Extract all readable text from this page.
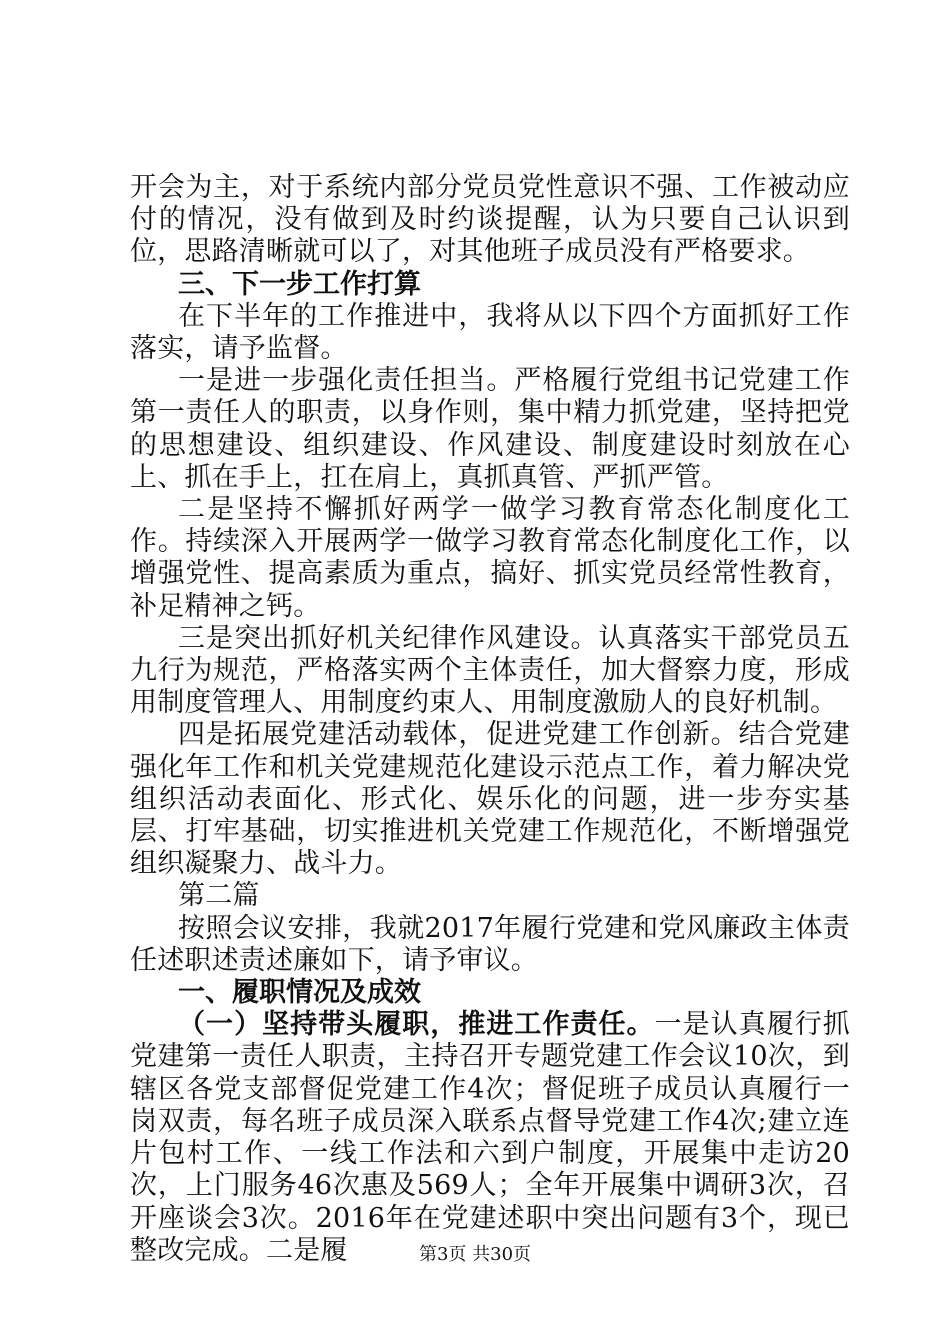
开会为主，对于系统内部分党员党性意识不强、工作被动应付的情况，没有做到及时约谈提醒，认为只要自己认识到位，思路清晰就可以了，对其他班子成员没有严格要求。

三、下一步工作打算

在下半年的工作推进中，我将从以下四个方面抓好工作落实，请予监督。

一是进一步强化责任担当。严格履行党组书记党建工作第一责任人的职责，以身作则，集中精力抓党建，坚持把党的思想建设、组织建设、作风建设、制度建设时刻放在心上、抓在手上，扛在肩上，真抓真管、严抓严管。

二是坚持不懈抓好两学一做学习教育常态化制度化工作。持续深入开展两学一做学习教育常态化制度化工作，以增强党性、提高素质为重点，搞好、抓实党员经常性教育，补足精神之钙。

三是突出抓好机关纪律作风建设。认真落实干部党员五九行为规范，严格落实两个主体责任，加大督察力度，形成用制度管理人、用制度约束人、用制度激励人的良好机制。

四是拓展党建活动载体，促进党建工作创新。结合党建强化年工作和机关党建规范化建设示范点工作，着力解决党组织活动表面化、形式化、娱乐化的问题，进一步夯实基层、打牢基础，切实推进机关党建工作规范化，不断增强党组织凝聚力、战斗力。

第二篇

按照会议安排，我就2017年履行党建和党风廉政主体责任述职述责述廉如下，请予审议。

一、履职情况及成效

（一）坚持带头履职，推进工作责任。一是认真履行抓党建第一责任人职责，主持召开专题党建工作会议10次，到辖区各党支部督促党建工作4次；督促班子成员认真履行一岗双责，每名班子成员深入联系点督导党建工作4次;建立连片包村工作、一线工作法和六到户制度，开展集中走访20次，上门服务46次惠及569人；全年开展集中调研3次，召开座谈会3次。2016年在党建述职中突出问题有3个，现已整改完成。二是履	第3页 共30页
